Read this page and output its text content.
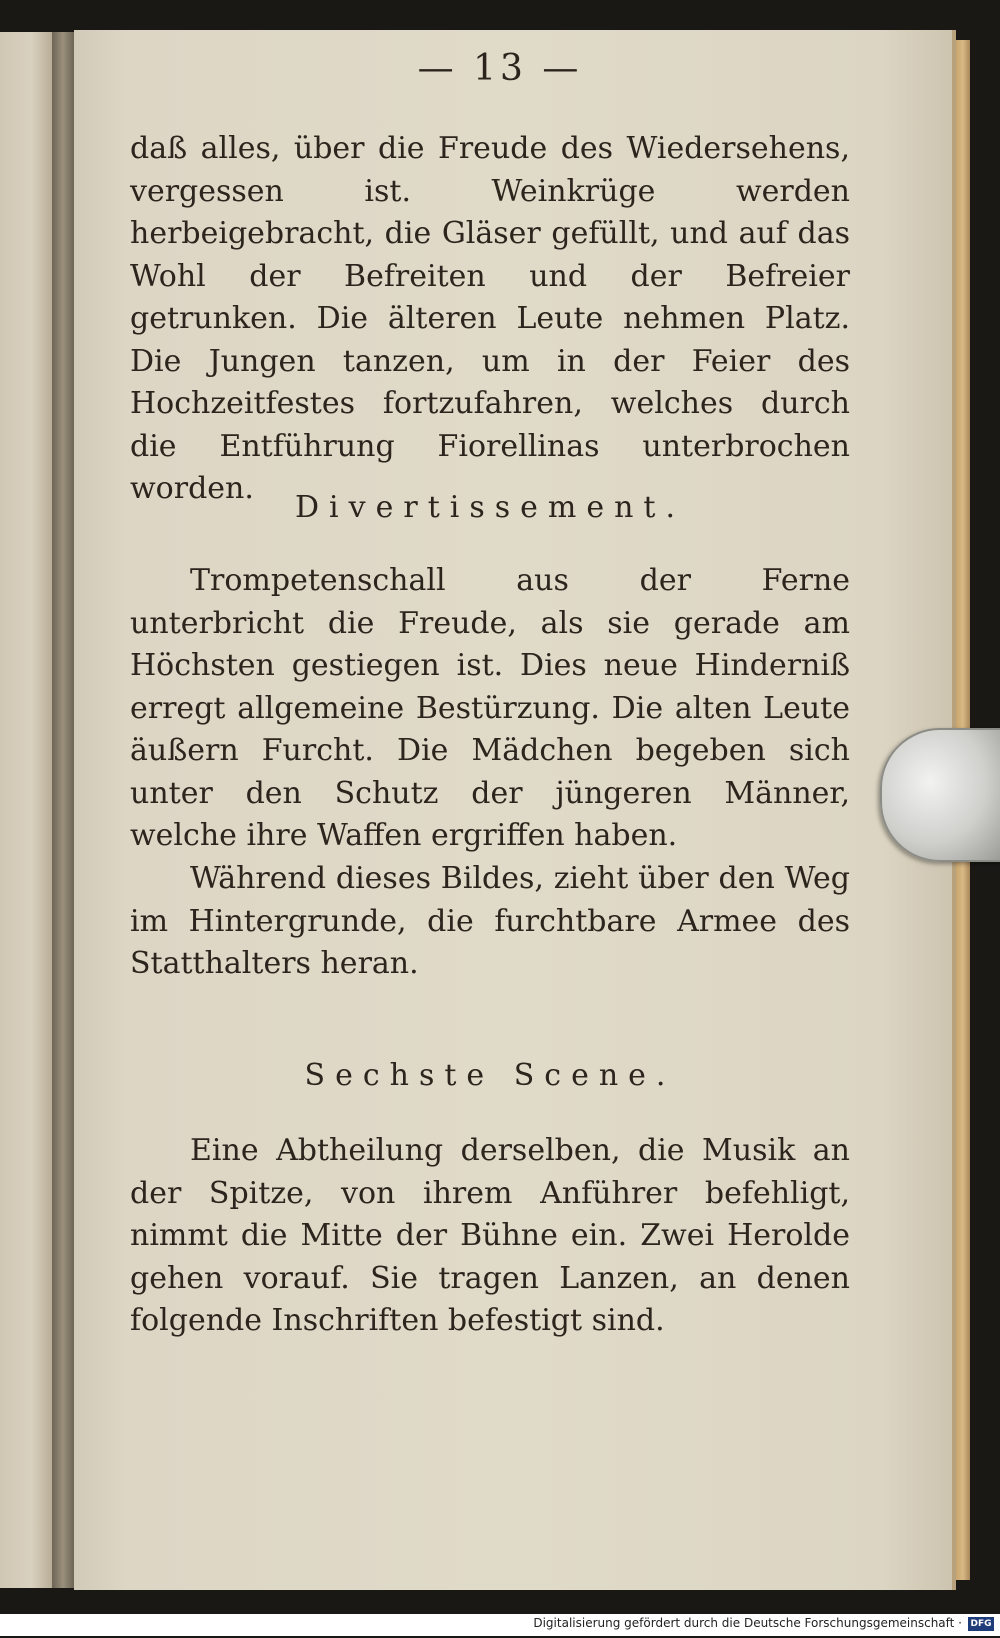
— 13 —

daß alles, über die Freude des Wiedersehens, vergessen ist. Weinkrüge werden herbeigebracht, die Gläser gefüllt, und auf das Wohl der Befreiten und der Befreier getrunken. Die älteren Leute nehmen Platz. Die Jungen tanzen, um in der Feier des Hochzeitfestes fortzufahren, welches durch die Entführung Fiorellinas unterbrochen worden.

Divertissement.

Trompetenschall aus der Ferne unterbricht die Freude, als sie gerade am Höchsten gestiegen ist. Dies neue Hinderniß erregt allgemeine Bestürzung. Die alten Leute äußern Furcht. Die Mädchen begeben sich unter den Schutz der jüngeren Männer, welche ihre Waffen ergriffen haben.

Während dieses Bildes, zieht über den Weg im Hintergrunde, die furchtbare Armee des Statthalters heran.

Sechste Scene.

Eine Abtheilung derselben, die Musik an der Spitze, von ihrem Anführer befehligt, nimmt die Mitte der Bühne ein. Zwei Herolde gehen vorauf. Sie tragen Lanzen, an denen folgende Inschriften befestigt sind.

Digitalisierung gefördert durch die Deutsche Forschungsgemeinschaft · DFG
